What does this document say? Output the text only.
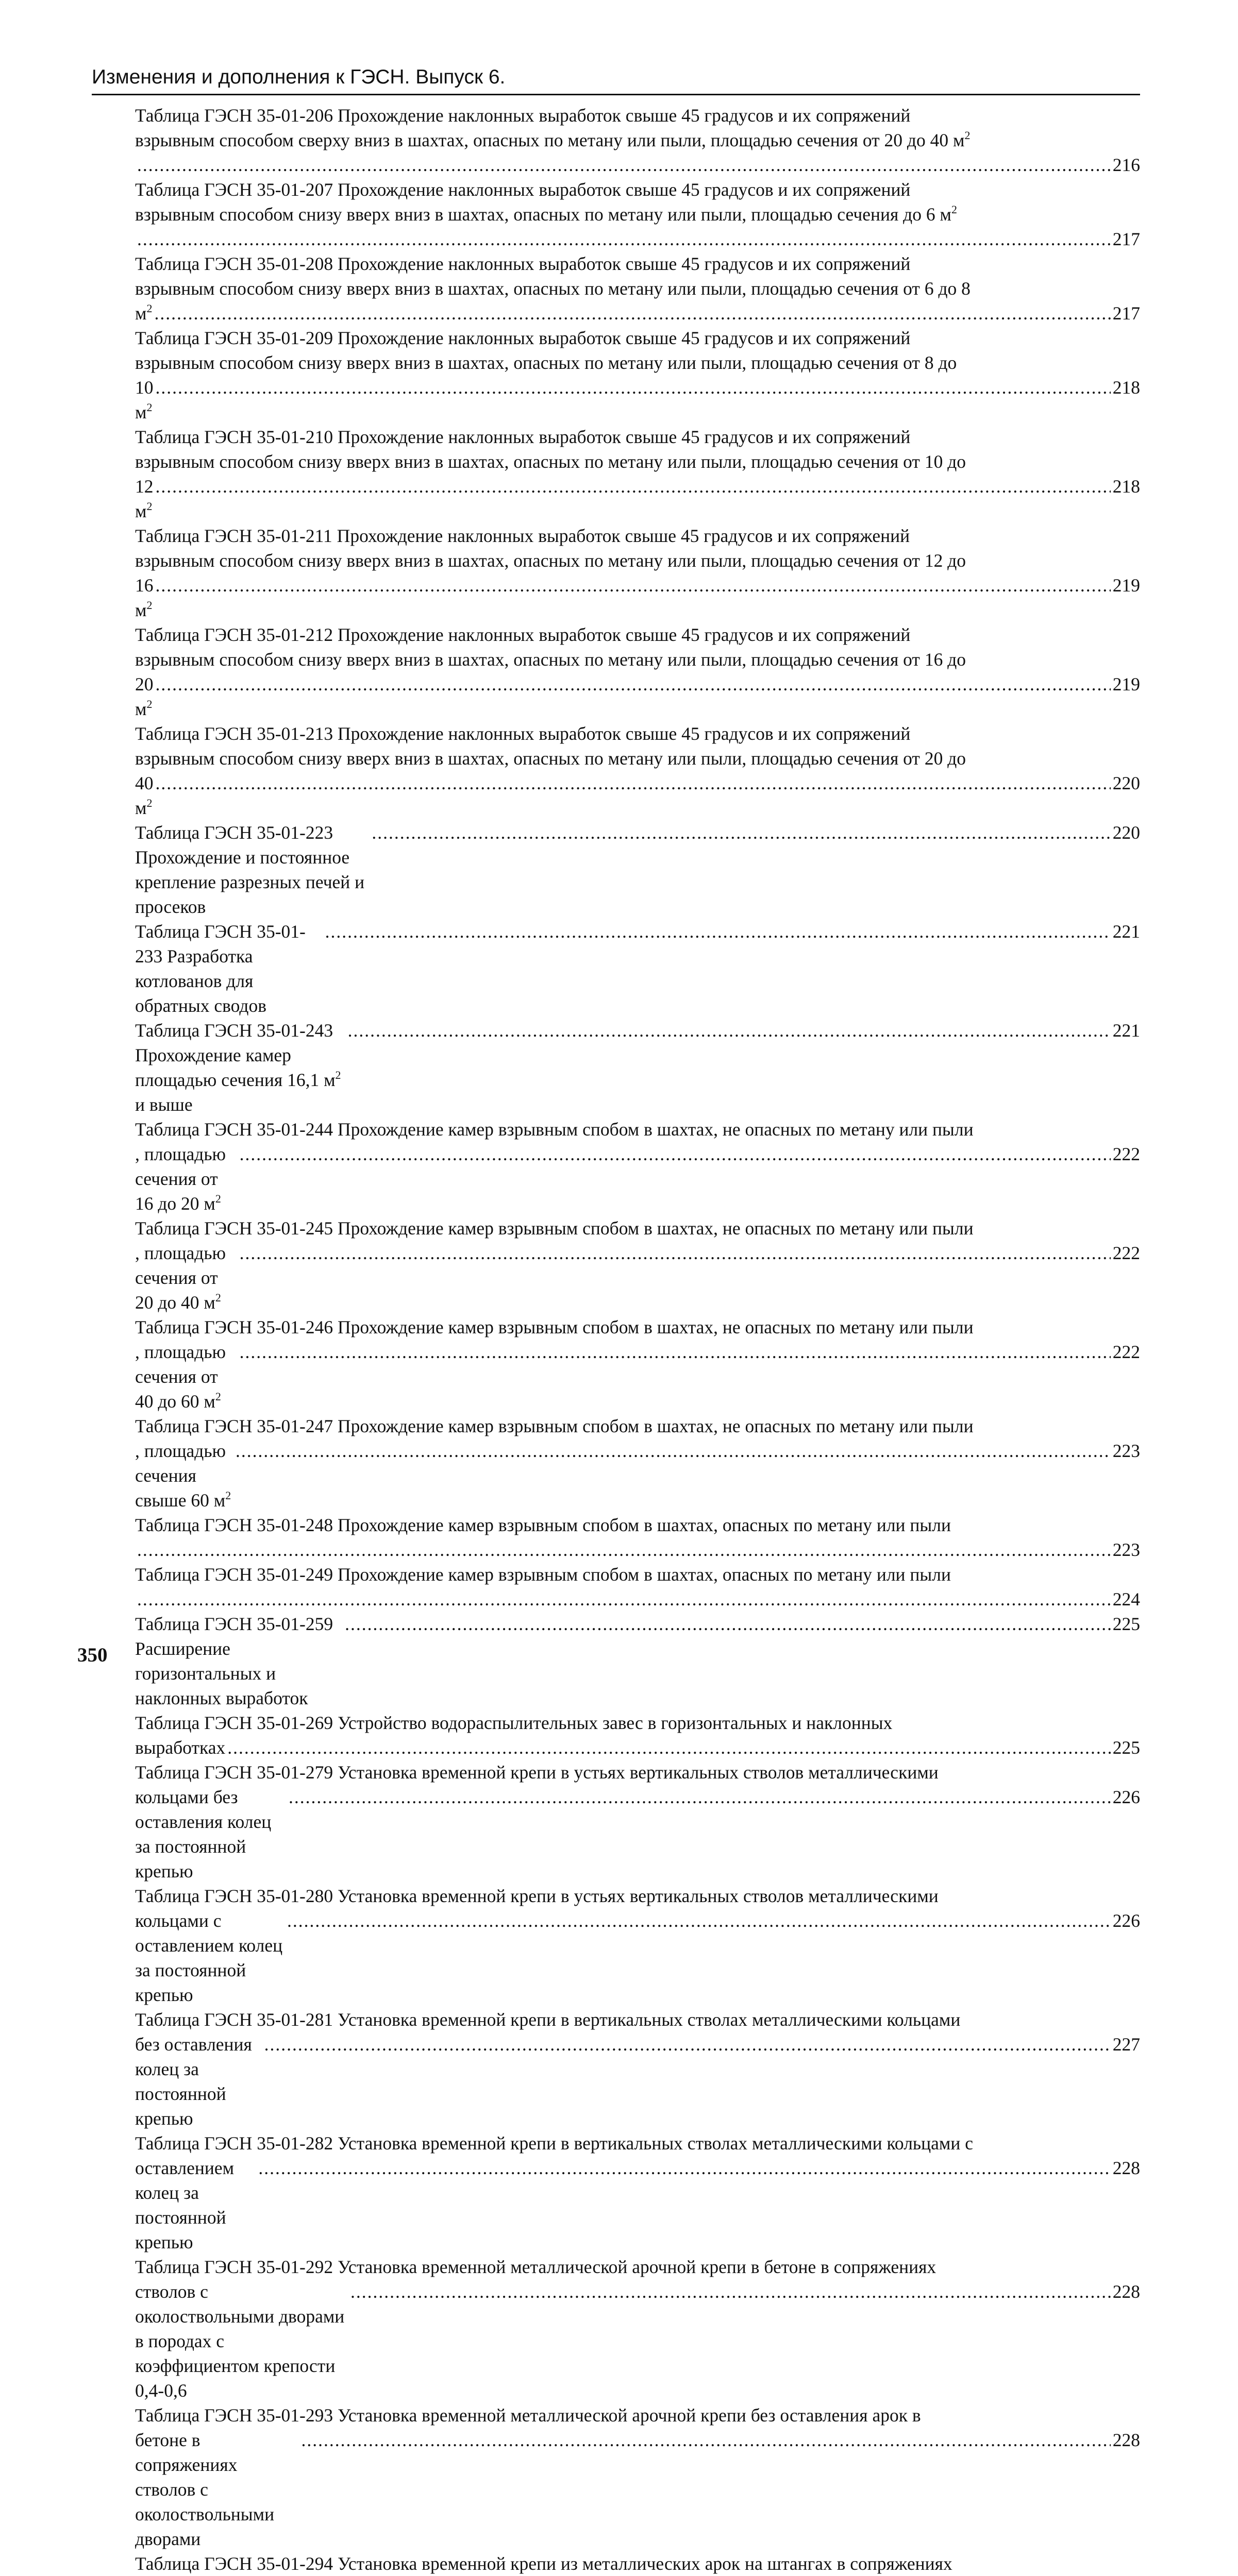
Изменения и дополнения к ГЭСН. Выпуск 6.
Таблица ГЭСН 35-01-206 Прохождение наклонных выработок свыше 45 градусов и их сопряжений
взрывным способом сверху вниз в шахтах, опасных по метану или пыли, площадью сечения от 20 до 40 $м^2$
.....
216
Таблица ГЭСН 35-01-207 Прохождение наклонных выработок свыше 45 градусов и их сопряжений
взрывным способом снизу вверх вниз в шахтах, опасных по метану или пыли, площадью сечения до 6 $м^2$
.....
217
Таблица ГЭСН 35-01-208 Прохождение наклонных выработок свыше 45 градусов и их сопряжений
взрывным способом снизу вверх вниз в шахтах, опасных по метану или пыли, площадью сечения от 6 до 8
$м^2$ .....	217
Таблица ГЭСН 35-01-209 Прохождение наклонных выработок свыше 45 градусов и их сопряжений
взрывным способом снизу вверх вниз в шахтах, опасных по метану или пыли, площадью сечения от 8 до
10 $м^2$
.....
218
Таблица ГЭСН 35-01-210 Прохождение наклонных выработок свыше 45 градусов и их сопряжений
взрывным способом снизу вверх вниз в шахтах, опасных по метану или пыли, площадью сечения от 10 до
12 $м^2$
.....
218
Таблица ГЭСН 35-01-211 Прохождение наклонных выработок свыше 45 градусов и их сопряжений
взрывным способом снизу вверх вниз в шахтах, опасных по метану или пыли, площадью сечения от 12 до
16 $м^2$
.....
219
Таблица ГЭСН 35-01-212 Прохождение наклонных выработок свыше 45 градусов и их сопряжений
взрывным способом снизу вверх вниз в шахтах, опасных по метану или пыли, площадью сечения от 16 до
20 $м^2$
.....
219
Таблица ГЭСН 35-01-213 Прохождение наклонных выработок свыше 45 градусов и их сопряжений
взрывным способом снизу вверх вниз в шахтах, опасных по метану или пыли, площадью сечения от 20 до
40 $м^2$
.....
220
Таблица ГЭСН 35-01-223 Прохождение и постоянное крепление разрезных печей и просеков
.....
220
Таблица ГЭСН 35-01-233 Разработка котлованов для обратных сводов
.....
221
Таблица ГЭСН 35-01-243 Прохождение камер площадью сечения 16,1 $м^2$ и выше
.....
221
Таблица ГЭСН 35-01-244 Прохождение камер взрывным спобом в шахтах, не опасных по метану или пыли
, площадью сечения от 16 до 20 $м^2$
.....
222
Таблица ГЭСН 35-01-245 Прохождение камер взрывным спобом в шахтах, не опасных по метану или пыли
, площадью сечения от 20 до 40 $м^2$
.....
222
Таблица ГЭСН 35-01-246 Прохождение камер взрывным спобом в шахтах, не опасных по метану или пыли
, площадью сечения от 40 до 60 $м^2$
.....
222
Таблица ГЭСН 35-01-247 Прохождение камер взрывным спобом в шахтах, не опасных по метану или пыли
, площадью сечения свыше 60 $м^2$
.....
223
Таблица ГЭСН 35-01-248 Прохождение камер взрывным спобом в шахтах, опасных по метану или пыли
.....
223
Таблица ГЭСН 35-01-249 Прохождение камер взрывным спобом в шахтах, опасных по метану или пыли
.....
224
Таблица ГЭСН 35-01-259 Расширение горизонтальных и наклонных выработок
.....
225
Таблица ГЭСН 35-01-269 Устройство водораспылительных завес в горизонтальных и наклонных
выработках .....	225
Таблица ГЭСН 35-01-279 Установка временной крепи в устьях вертикальных стволов металлическими
кольцами без оставления колец за постоянной крепью
.....
226
Таблица ГЭСН 35-01-280 Установка временной крепи в устьях вертикальных стволов металлическими
кольцами с оставлением колец за постоянной крепью
.....
226
Таблица ГЭСН 35-01-281 Установка временной крепи в вертикальных стволах металлическими кольцами
без оставления колец за постоянной крепью
.....
227
Таблица ГЭСН 35-01-282 Установка временной крепи в вертикальных стволах металлическими кольцами с
оставлением колец за постоянной крепью
.....
228
Таблица ГЭСН 35-01-292 Установка временной металлической арочной крепи в бетоне в сопряжениях
стволов с околоствольными дворами в породах с коэффициентом крепости 0,4-0,6
.....
228
Таблица ГЭСН 35-01-293 Установка временной металлической арочной крепи без оставления арок в
бетоне в сопряжениях стволов с околоствольными дворами
.....
228
Таблица ГЭСН 35-01-294 Установка временной крепи из металлических арок на штангах в сопряжениях
350
